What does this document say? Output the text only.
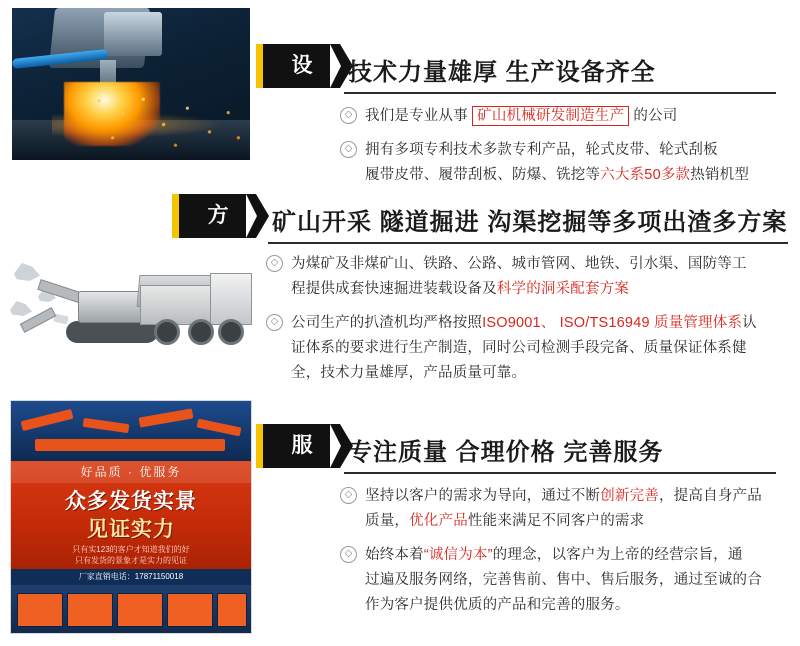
设备
技术力量雄厚 生产设备齐全
◇ 我们是专业从事 矿山机械研发制造生产 的公司
◇ 拥有多项专利技术多款专利产品，轮式皮带、轮式刮板
履带皮带、履带刮板、防爆、铣挖等六大系50多款热销机型
方案
矿山开采 隧道掘进 沟渠挖掘等多项出渣多方案
◇ 为煤矿及非煤矿山、铁路、公路、城市管网、地铁、引水渠、国防等工
程提供成套快速掘进装载设备及科学的洞采配套方案
◇ 公司生产的扒渣机均严格按照ISO9001、 ISO/TS16949 质量管理体系认
证体系的要求进行生产制造，同时公司检测手段完备、质量保证体系健
全，技术力量雄厚，产品质量可靠。
好品质 · 优服务
众多发货实景
见证实力
只有实123的客户才知道我们的好
只有发货的景象才是实力的见证
厂家直销电话：17871150018
服务
专注质量 合理价格 完善服务
◇ 坚持以客户的需求为导向，通过不断创新完善，提高自身产品
质量，优化产品性能来满足不同客户的需求
◇ 始终本着“诚信为本”的理念，以客户为上帝的经营宗旨，通
过遍及服务网络，完善售前、售中、售后服务，通过至诚的合
作为客户提供优质的产品和完善的服务。
